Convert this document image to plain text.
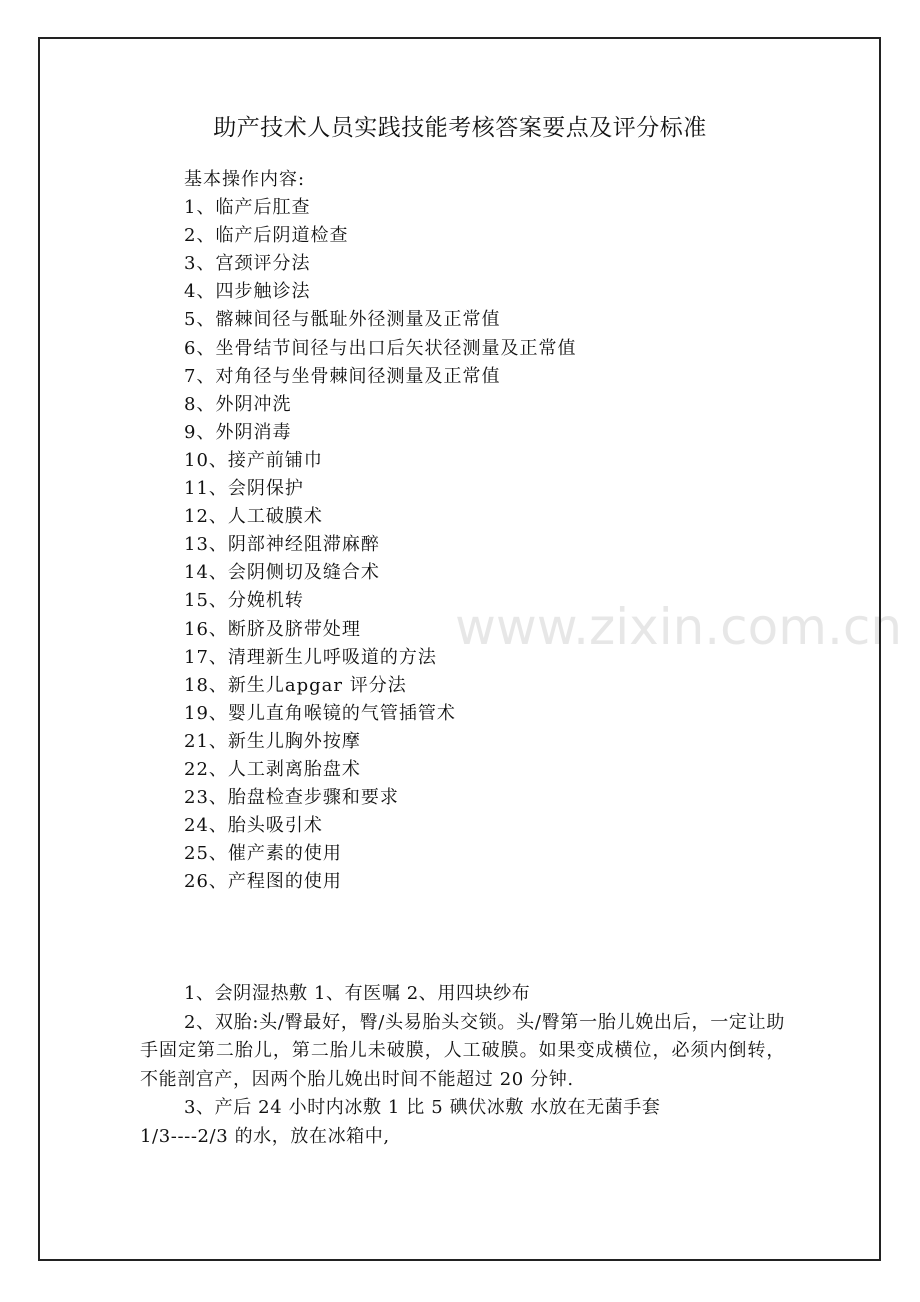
www.zixin.com.cn
助产技术人员实践技能考核答案要点及评分标准
基本操作内容:
1、临产后肛查
2、临产后阴道检查
3、宫颈评分法
4、四步触诊法
5、髂棘间径与骶耻外径测量及正常值
6、坐骨结节间径与出口后矢状径测量及正常值
7、对角径与坐骨棘间径测量及正常值
8、外阴冲洗
9、外阴消毒
10、接产前铺巾
11、会阴保护
12、人工破膜术
13、阴部神经阻滞麻醉
14、会阴侧切及缝合术
15、分娩机转
16、断脐及脐带处理
17、清理新生儿呼吸道的方法
18、新生儿apgar 评分法
19、婴儿直角喉镜的气管插管术
21、新生儿胸外按摩
22、人工剥离胎盘术
23、胎盘检查步骤和要求
24、胎头吸引术
25、催产素的使用
26、产程图的使用

1、会阴湿热敷 1、有医嘱 2、用四块纱布

2、双胎:头/臀最好，臀/头易胎头交锁。头/臀第一胎儿娩出后，一定让助手固定第二胎儿，第二胎儿未破膜，人工破膜。如果变成横位，必须内倒转，不能剖宫产，因两个胎儿娩出时间不能超过 20 分钟.

3、产后 24 小时内冰敷 1 比 5 碘伏冰敷 水放在无菌手套

1/3----2/3 的水，放在冰箱中,
